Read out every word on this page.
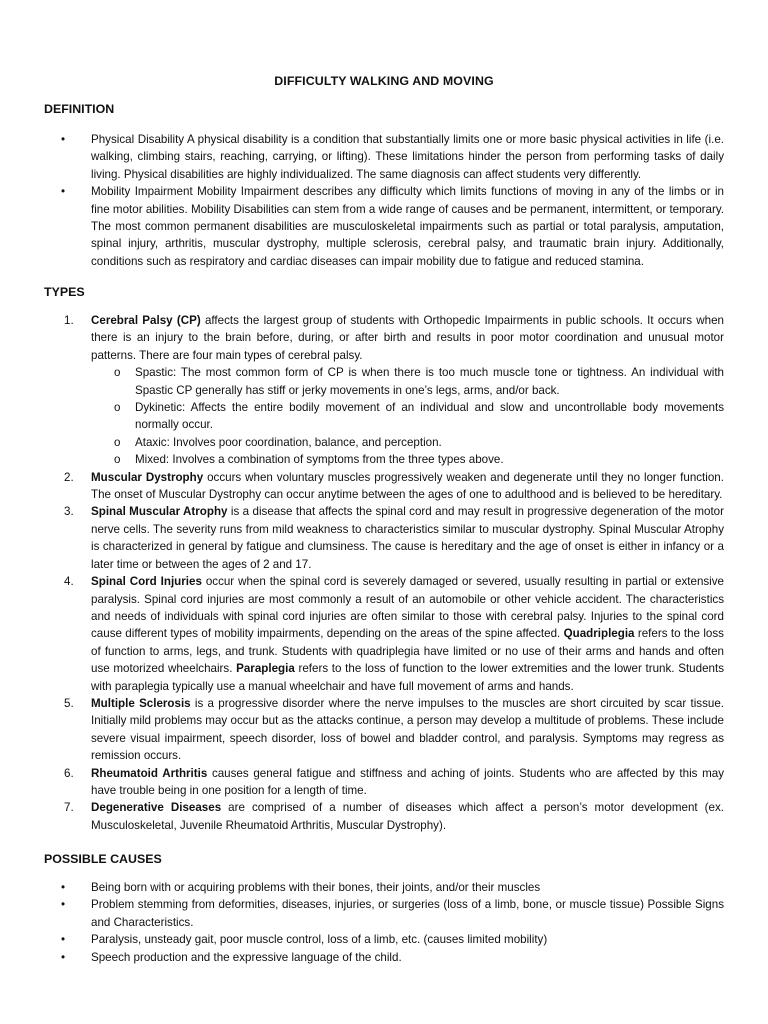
DIFFICULTY WALKING AND MOVING
DEFINITION
• Physical Disability A physical disability is a condition that substantially limits one or more basic physical activities in life (i.e. walking, climbing stairs, reaching, carrying, or lifting). These limitations hinder the person from performing tasks of daily living. Physical disabilities are highly individualized. The same diagnosis can affect students very differently.
• Mobility Impairment Mobility Impairment describes any difficulty which limits functions of moving in any of the limbs or in fine motor abilities. Mobility Disabilities can stem from a wide range of causes and be permanent, intermittent, or temporary. The most common permanent disabilities are musculoskeletal impairments such as partial or total paralysis, amputation, spinal injury, arthritis, muscular dystrophy, multiple sclerosis, cerebral palsy, and traumatic brain injury. Additionally, conditions such as respiratory and cardiac diseases can impair mobility due to fatigue and reduced stamina.
TYPES
1. Cerebral Palsy (CP) affects the largest group of students with Orthopedic Impairments in public schools. It occurs when there is an injury to the brain before, during, or after birth and results in poor motor coordination and unusual motor patterns. There are four main types of cerebral palsy.
o Spastic: The most common form of CP is when there is too much muscle tone or tightness. An individual with Spastic CP generally has stiff or jerky movements in one’s legs, arms, and/or back.
o Dykinetic: Affects the entire bodily movement of an individual and slow and uncontrollable body movements normally occur.
o Ataxic: Involves poor coordination, balance, and perception.
o Mixed: Involves a combination of symptoms from the three types above.
2. Muscular Dystrophy occurs when voluntary muscles progressively weaken and degenerate until they no longer function. The onset of Muscular Dystrophy can occur anytime between the ages of one to adulthood and is believed to be hereditary.
3. Spinal Muscular Atrophy is a disease that affects the spinal cord and may result in progressive degeneration of the motor nerve cells. The severity runs from mild weakness to characteristics similar to muscular dystrophy. Spinal Muscular Atrophy is characterized in general by fatigue and clumsiness. The cause is hereditary and the age of onset is either in infancy or a later time or between the ages of 2 and 17.
4. Spinal Cord Injuries occur when the spinal cord is severely damaged or severed, usually resulting in partial or extensive paralysis. Spinal cord injuries are most commonly a result of an automobile or other vehicle accident. The characteristics and needs of individuals with spinal cord injuries are often similar to those with cerebral palsy. Injuries to the spinal cord cause different types of mobility impairments, depending on the areas of the spine affected. Quadriplegia refers to the loss of function to arms, legs, and trunk. Students with quadriplegia have limited or no use of their arms and hands and often use motorized wheelchairs. Paraplegia refers to the loss of function to the lower extremities and the lower trunk. Students with paraplegia typically use a manual wheelchair and have full movement of arms and hands.
5. Multiple Sclerosis is a progressive disorder where the nerve impulses to the muscles are short circuited by scar tissue. Initially mild problems may occur but as the attacks continue, a person may develop a multitude of problems. These include severe visual impairment, speech disorder, loss of bowel and bladder control, and paralysis. Symptoms may regress as remission occurs.
6. Rheumatoid Arthritis causes general fatigue and stiffness and aching of joints. Students who are affected by this may have trouble being in one position for a length of time.
7. Degenerative Diseases are comprised of a number of diseases which affect a person’s motor development (ex. Musculoskeletal, Juvenile Rheumatoid Arthritis, Muscular Dystrophy).
POSSIBLE CAUSES
• Being born with or acquiring problems with their bones, their joints, and/or their muscles
• Problem stemming from deformities, diseases, injuries, or surgeries (loss of a limb, bone, or muscle tissue) Possible Signs and Characteristics.
• Paralysis, unsteady gait, poor muscle control, loss of a limb, etc. (causes limited mobility)
• Speech production and the expressive language of the child.
